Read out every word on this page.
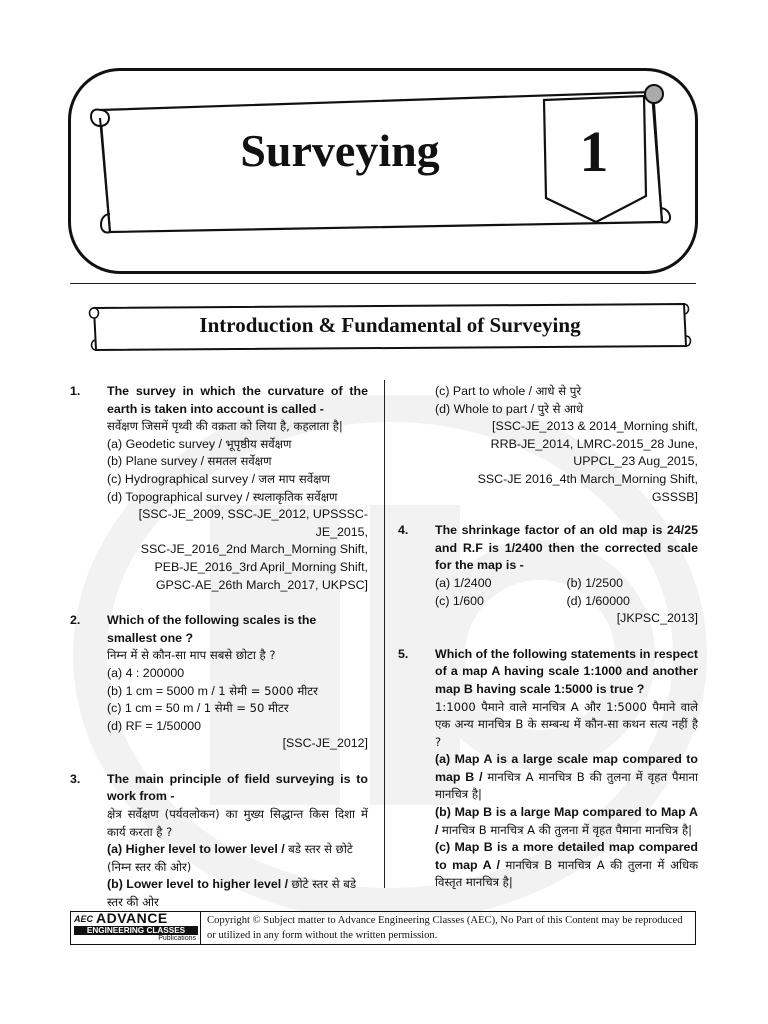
Surveying	1
Introduction & Fundamental of Surveying
1. The survey in which the curvature of the earth is taken into account is called -
सर्वेक्षण जिसमें पृथ्वी की वक्रता को लिया है, कहलाता है|
(a) Geodetic survey / भूपृष्ठीय सर्वेक्षण
(b) Plane survey / समतल सर्वेक्षण
(c) Hydrographical survey / जल माप सर्वेक्षण
(d) Topographical survey / स्थलाकृतिक सर्वेक्षण
[SSC-JE_2009, SSC-JE_2012, UPSSSC-JE_2015,
SSC-JE_2016_2nd March_Morning Shift,
PEB-JE_2016_3rd April_Morning Shift,
GPSC-AE_26th March_2017, UKPSC]
2. Which of the following scales is the smallest one ?
निम्न में से कौन-सा माप सबसे छोटा है ?
(a) 4 : 200000
(b) 1 cm = 5000 m / 1 सेमी = 5000 मीटर
(c) 1 cm = 50 m / 1 सेमी = 50 मीटर
(d) RF = 1/50000
[SSC-JE_2012]
3. The main principle of field surveying is to work from -
क्षेत्र सर्वेक्षण (पर्यवलोकन) का मुख्य सिद्धान्त किस दिशा में कार्य करता है ?
(a) Higher level to lower level / बडे स्तर से छोटे (निम्न स्तर की ओर)
(b) Lower level to higher level / छोटे स्तर से बडे स्तर की ओर
(c) Part to whole / आधे से पुरे
(d) Whole to part / पुरे से आधे
[SSC-JE_2013 & 2014_Morning shift,
RRB-JE_2014, LMRC-2015_28 June,
UPPCL_23 Aug_2015,
SSC-JE 2016_4th March_Morning Shift, GSSSB]
4. The shrinkage factor of an old map is 24/25 and R.F is 1/2400 then the corrected scale for the map is -
(a) 1/2400	(b) 1/2500
(c) 1/600	(d) 1/60000
[JKPSC_2013]
5. Which of the following statements in respect of a map A having scale 1:1000 and another map B having scale 1:5000 is true ?
1:1000 पैमाने वाले मानचित्र A और 1:5000 पैमाने वाले एक अन्य मानचित्र B के सम्बन्ध में कौन-सा कथन सत्य नहीं है ?
(a) Map A is a large scale map compared to map B / मानचित्र A मानचित्र B की तुलना में वृहत पैमाना मानचित्र है|
(b) Map B is a large Map compared to Map A / मानचित्र B मानचित्र A की तुलना में वृहत पैमाना मानचित्र है|
(c) Map B is a more detailed map compared to map A / मानचित्र B मानचित्र A की तुलना में अधिक विस्तृत मानचित्र है|
AEC ADVANCE
ENGINEERING CLASSES
Publications
Copyright © Subject matter to Advance Engineering Classes (AEC), No Part of this Content may be reproduced or utilized in any form without the written permission.
